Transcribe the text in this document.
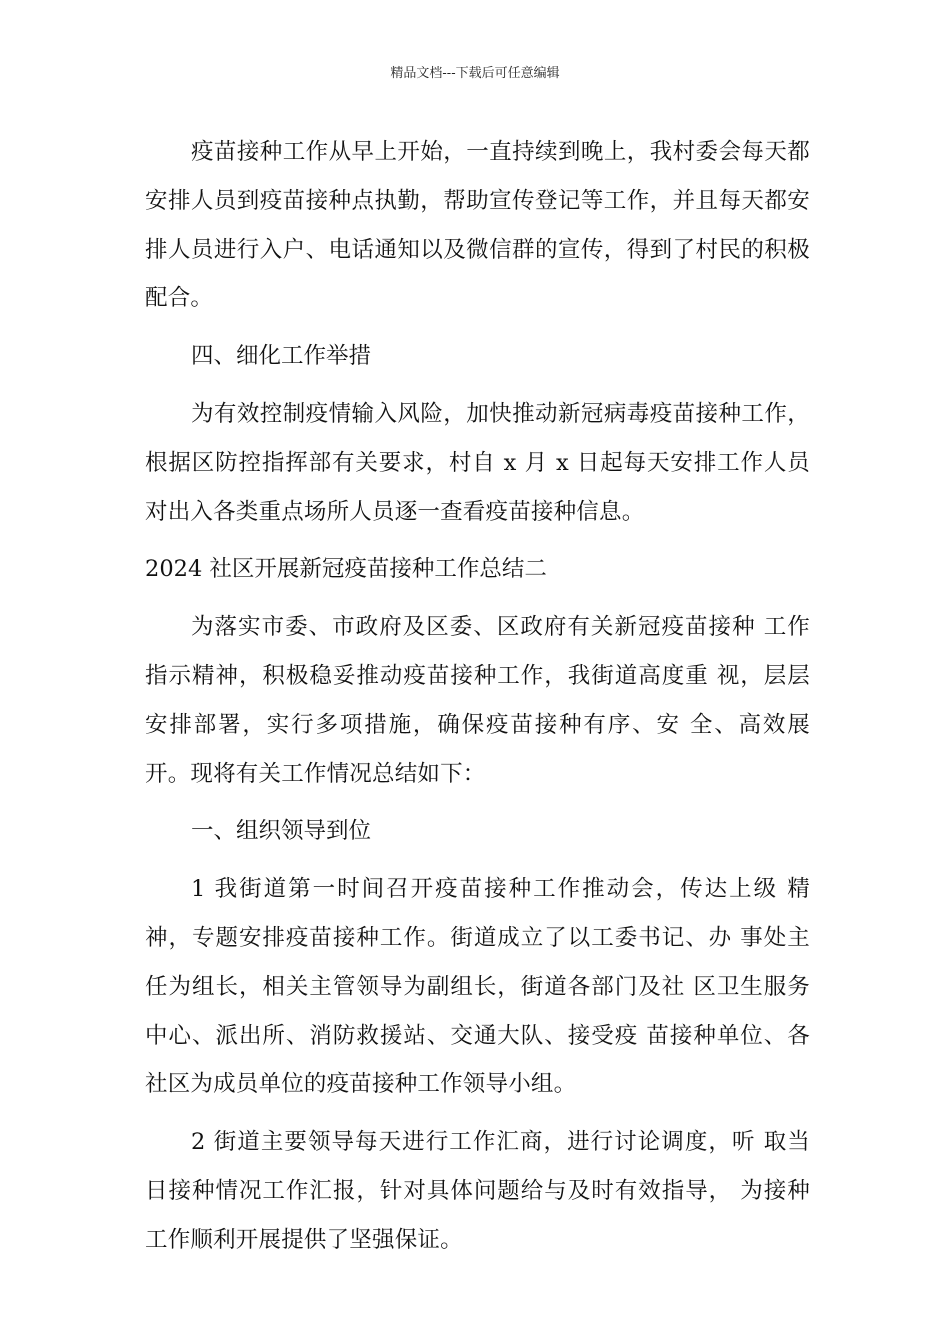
精品文档---下载后可任意编辑

疫苗接种工作从早上开始，一直持续到晚上，我村委会每天都安排人员到疫苗接种点执勤，帮助宣传登记等工作，并且每天都安排人员进行入户、电话通知以及微信群的宣传，得到了村民的积极配合。

四、细化工作举措

为有效控制疫情输入风险，加快推动新冠病毒疫苗接种工作，根据区防控指挥部有关要求，村自 x 月 x 日起每天安排工作人员对出入各类重点场所人员逐一查看疫苗接种信息。

2024 社区开展新冠疫苗接种工作总结二

为落实市委、市政府及区委、区政府有关新冠疫苗接种 工作指示精神，积极稳妥推动疫苗接种工作，我街道高度重 视，层层安排部署，实行多项措施，确保疫苗接种有序、安 全、高效展开。现将有关工作情况总结如下：

一、组织领导到位

1 我街道第一时间召开疫苗接种工作推动会，传达上级 精神，专题安排疫苗接种工作。街道成立了以工委书记、办 事处主任为组长，相关主管领导为副组长，街道各部门及社 区卫生服务中心、派出所、消防救援站、交通大队、接受疫 苗接种单位、各社区为成员单位的疫苗接种工作领导小组。

2 街道主要领导每天进行工作汇商，进行讨论调度，听 取当日接种情况工作汇报，针对具体问题给与及时有效指导， 为接种工作顺利开展提供了坚强保证。
